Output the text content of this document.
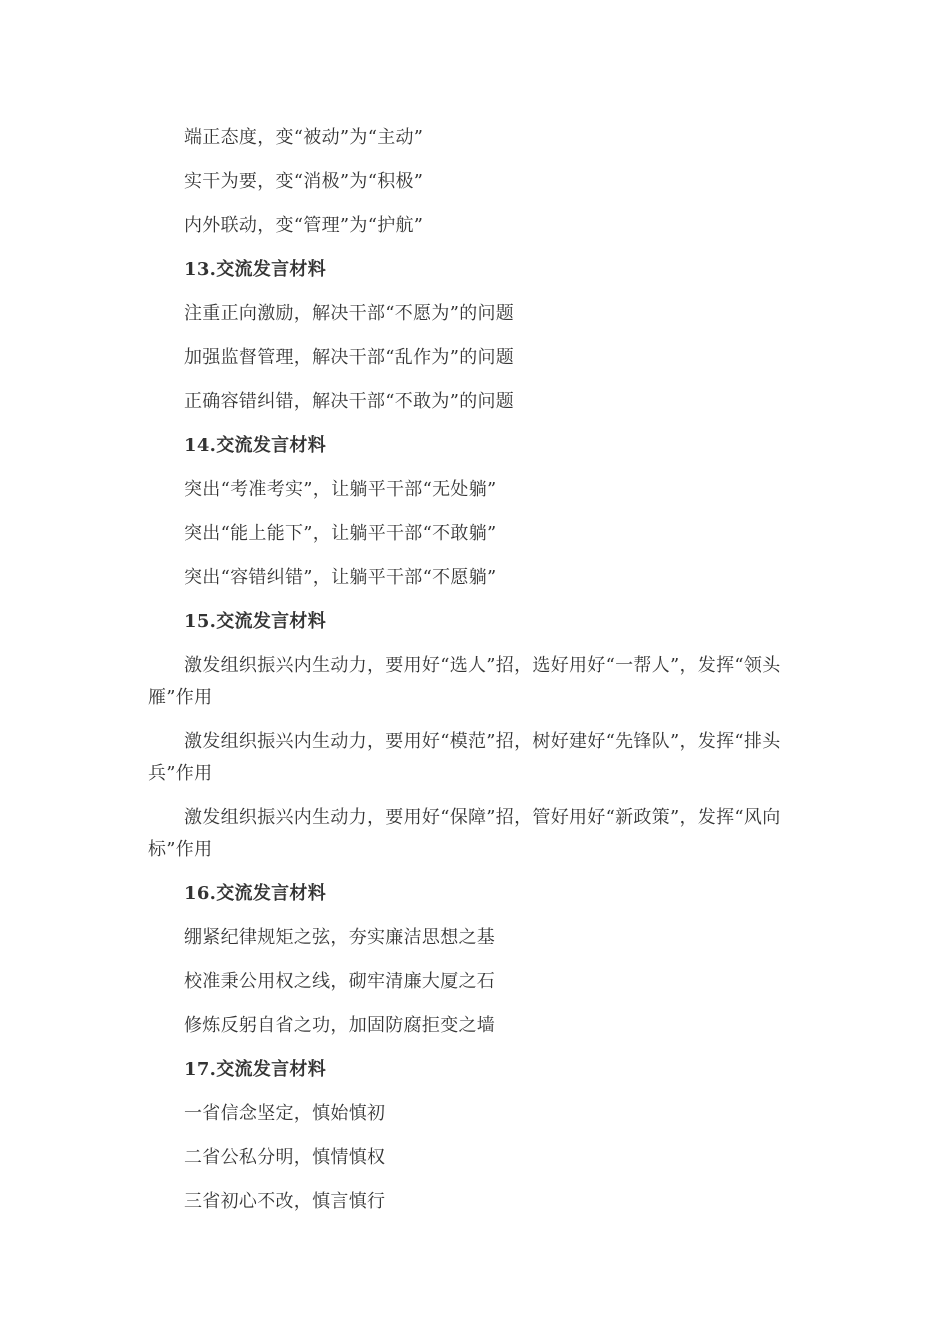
端正态度，变“被动”为“主动”

实干为要，变“消极”为“积极”

内外联动，变“管理”为“护航”

13.交流发言材料

注重正向激励，解决干部“不愿为”的问题

加强监督管理，解决干部“乱作为”的问题

正确容错纠错，解决干部“不敢为”的问题

14.交流发言材料

突出“考准考实”，让躺平干部“无处躺”

突出“能上能下”，让躺平干部“不敢躺”

突出“容错纠错”，让躺平干部“不愿躺”

15.交流发言材料

激发组织振兴内生动力，要用好“选人”招，选好用好“一帮人”，发挥“领头雁”作用

激发组织振兴内生动力，要用好“模范”招，树好建好“先锋队”，发挥“排头兵”作用

激发组织振兴内生动力，要用好“保障”招，管好用好“新政策”，发挥“风向标”作用

16.交流发言材料

绷紧纪律规矩之弦，夯实廉洁思想之基

校准秉公用权之线，砌牢清廉大厦之石

修炼反躬自省之功，加固防腐拒变之墙

17.交流发言材料

一省信念坚定，慎始慎初

二省公私分明，慎情慎权

三省初心不改，慎言慎行
